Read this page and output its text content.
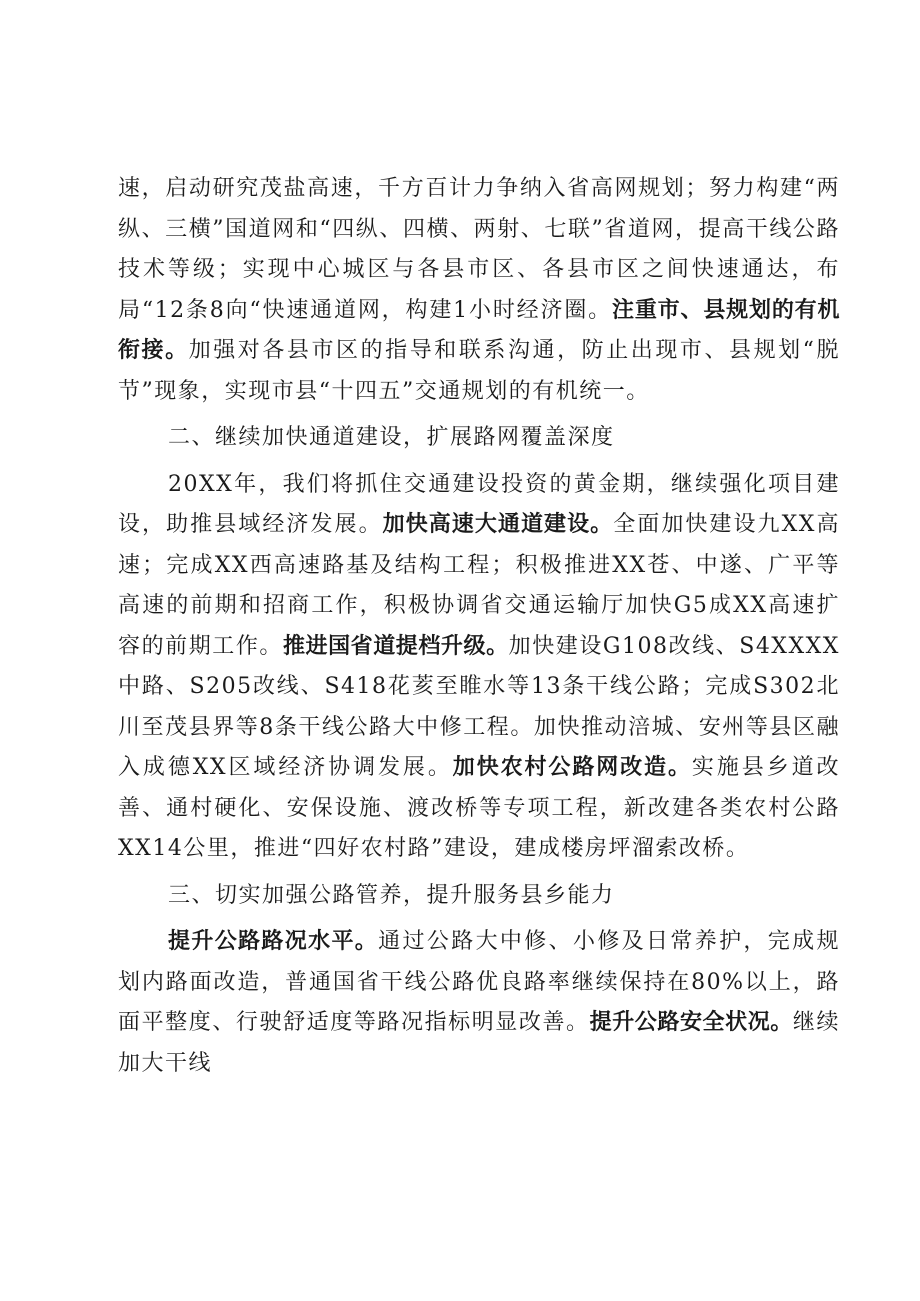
速，启动研究茂盐高速，千方百计力争纳入省高网规划；努力构建“两纵、三横”国道网和“四纵、四横、两射、七联”省道网，提高干线公路技术等级；实现中心城区与各县市区、各县市区之间快速通达，布局“12条8向“快速通道网，构建1小时经济圈。注重市、县规划的有机衔接。加强对各县市区的指导和联系沟通，防止出现市、县规划“脱节”现象，实现市县“十四五”交通规划的有机统一。

二、继续加快通道建设，扩展路网覆盖深度

20XX年，我们将抓住交通建设投资的黄金期，继续强化项目建设，助推县域经济发展。加快高速大通道建设。全面加快建设九XX高速；完成XX西高速路基及结构工程；积极推进XX苍、中遂、广平等高速的前期和招商工作，积极协调省交通运输厅加快G5成XX高速扩容的前期工作。推进国省道提档升级。加快建设G108改线、S4XXXX中路、S205改线、S418花荄至睢水等13条干线公路；完成S302北川至茂县界等8条干线公路大中修工程。加快推动涪城、安州等县区融入成德XX区域经济协调发展。加快农村公路网改造。实施县乡道改善、通村硬化、安保设施、渡改桥等专项工程，新改建各类农村公路XX14公里，推进“四好农村路”建设，建成楼房坪溜索改桥。

三、切实加强公路管养，提升服务县乡能力

提升公路路况水平。通过公路大中修、小修及日常养护，完成规划内路面改造，普通国省干线公路优良路率继续保持在80%以上，路面平整度、行驶舒适度等路况指标明显改善。提升公路安全状况。继续加大干线
